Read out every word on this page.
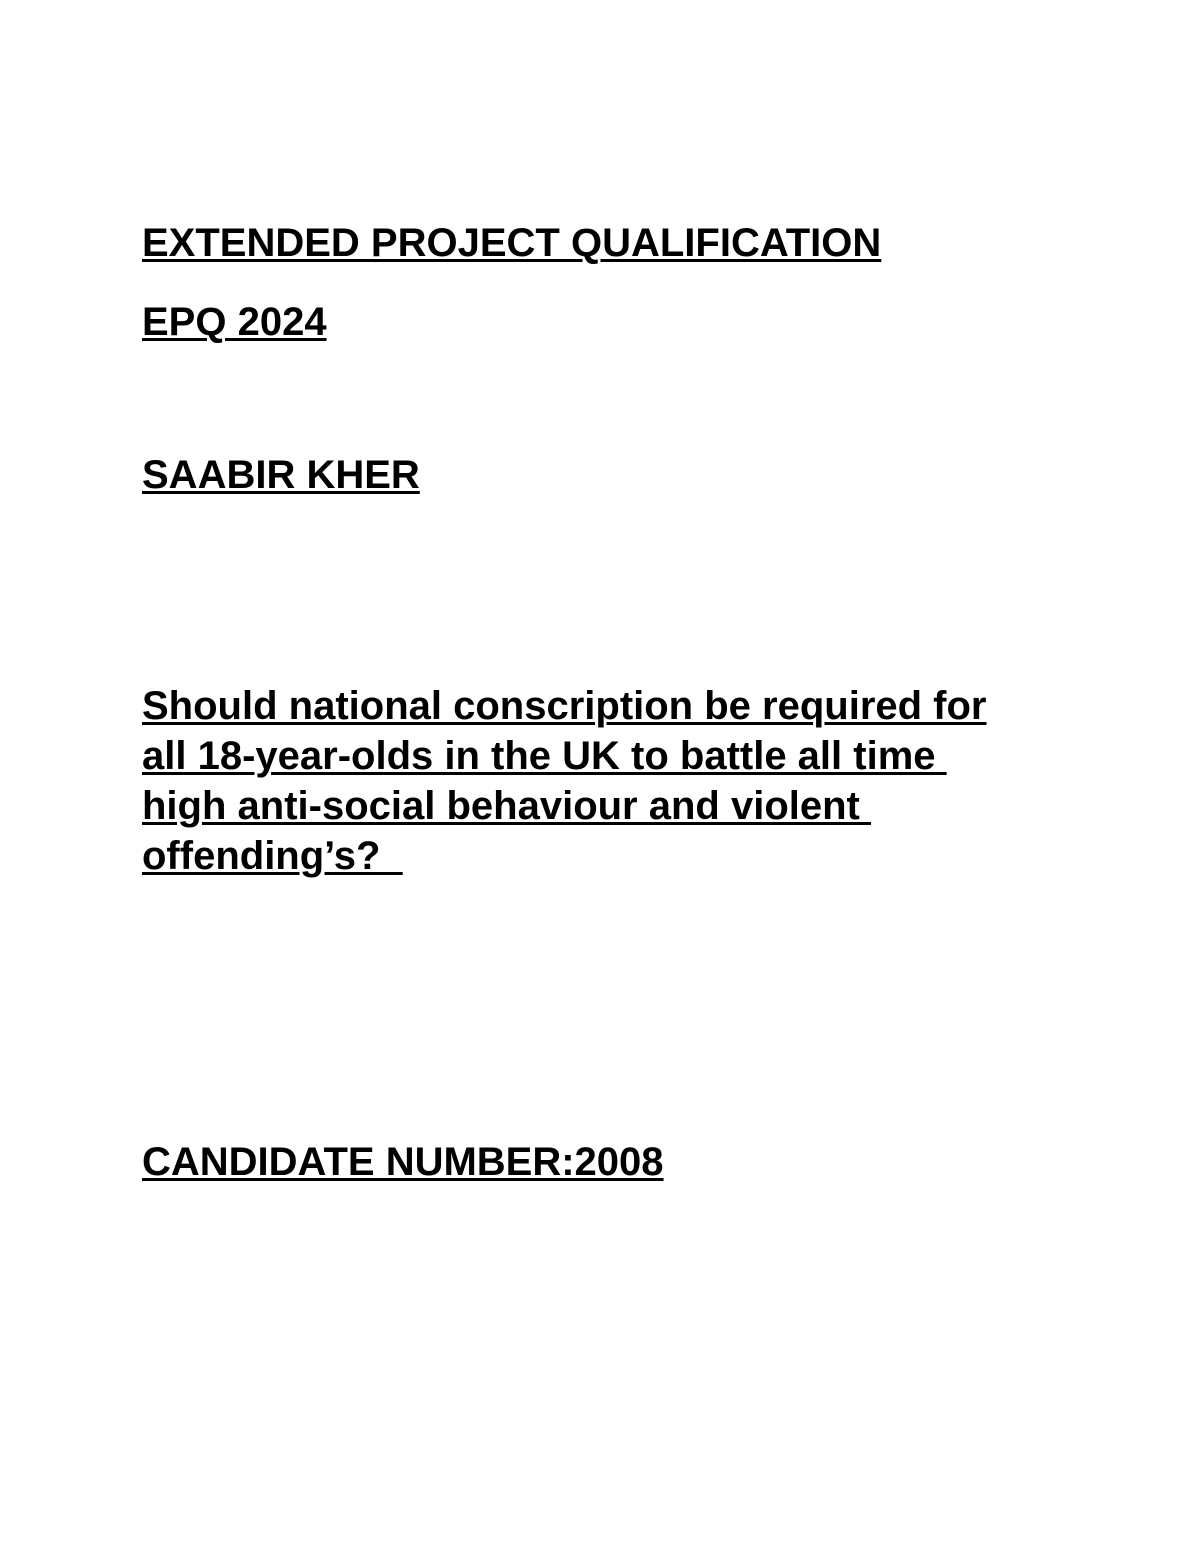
EXTENDED PROJECT QUALIFICATION

EPQ 2024

SAABIR KHER

Should national conscription be required for

all 18-year-olds in the UK to battle all time

high anti-social behaviour and violent

offending’s?

CANDIDATE NUMBER:2008
